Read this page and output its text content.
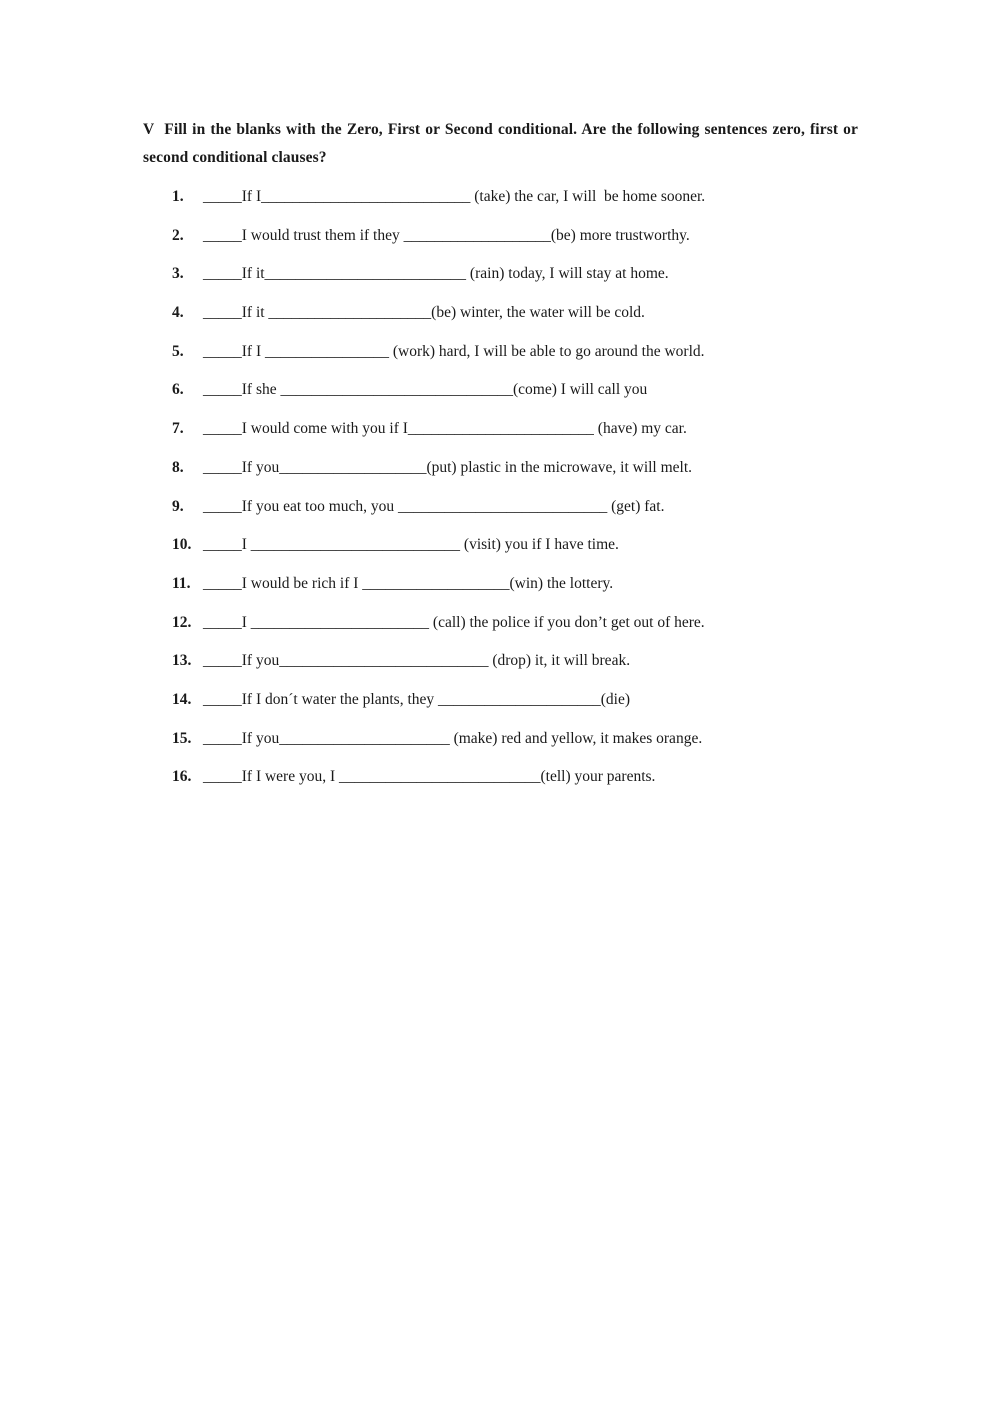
V Fill in the blanks with the Zero, First or Second conditional. Are the following sentences zero, first or second conditional clauses?

1.

_____If I___________________________ (take) the car, I will  be home sooner.

2.

_____I would trust them if they ___________________(be) more trustworthy.

3.

_____If it__________________________ (rain) today, I will stay at home.

4.

_____If it _____________________(be) winter, the water will be cold.

5.

_____If I ________________ (work) hard, I will be able to go around the world.

6.

_____If she ______________________________(come) I will call you

7.

_____I would come with you if I________________________ (have) my car.

8.

_____If you___________________(put) plastic in the microwave, it will melt.

9.

_____If you eat too much, you ___________________________ (get) fat.

10.

_____I ___________________________ (visit) you if I have time.

11.

_____I would be rich if I ___________________(win) the lottery.

12.

_____I _______________________ (call) the police if you don’t get out of here.

13.

_____If you___________________________ (drop) it, it will break.

14.

_____If I don´t water the plants, they _____________________(die)

15.

_____If you______________________ (make) red and yellow, it makes orange.

16.

_____If I were you, I __________________________(tell) your parents.
